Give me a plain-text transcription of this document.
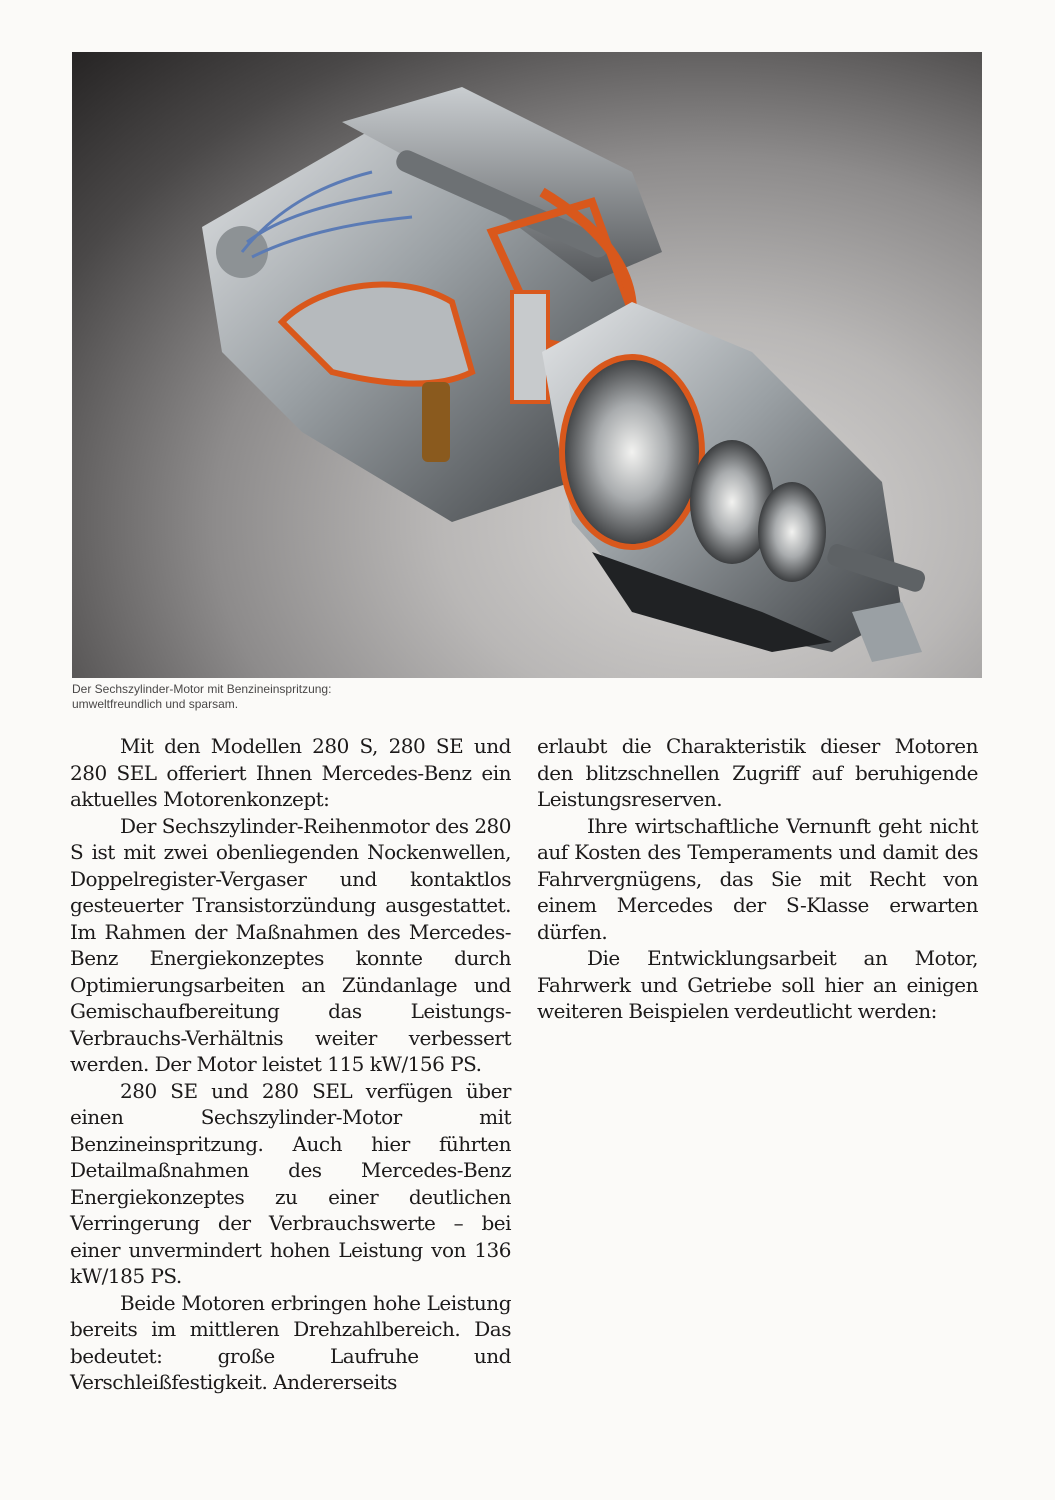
Der Sechszylinder-Motor mit Benzineinspritzung:

umweltfreundlich und sparsam.

Mit den Modellen 280 S, 280 SE und 280 SEL offeriert Ihnen Mercedes-Benz ein aktuelles Motorenkonzept:

Der Sechszylinder-Reihenmotor des 280 S ist mit zwei obenliegenden Nockenwellen, Doppelregister-Vergaser und kontaktlos gesteuerter Transistorzündung ausgestattet. Im Rahmen der Maßnahmen des Mercedes-Benz Energiekonzeptes konnte durch Optimierungsarbeiten an Zündanlage und Gemischaufbereitung das Leistungs-Verbrauchs-Verhältnis weiter verbessert werden. Der Motor leistet 115 kW/156 PS.

280 SE und 280 SEL verfügen über einen Sechszylinder-Motor mit Benzineinspritzung. Auch hier führten Detailmaßnahmen des Mercedes-Benz Energiekonzeptes zu einer deutlichen Verringerung der Verbrauchswerte – bei einer unvermindert hohen Leistung von 136 kW/185 PS.

Beide Motoren erbringen hohe Leistung bereits im mittleren Drehzahlbereich. Das bedeutet: große Laufruhe und Verschleißfestigkeit. Andererseits

erlaubt die Charakteristik dieser Motoren den blitzschnellen Zugriff auf beruhigende Leistungsreserven.

Ihre wirtschaftliche Vernunft geht nicht auf Kosten des Temperaments und damit des Fahrvergnügens, das Sie mit Recht von einem Mercedes der S-Klasse erwarten dürfen.

Die Entwicklungsarbeit an Motor, Fahrwerk und Getriebe soll hier an einigen weiteren Beispielen verdeutlicht werden:
